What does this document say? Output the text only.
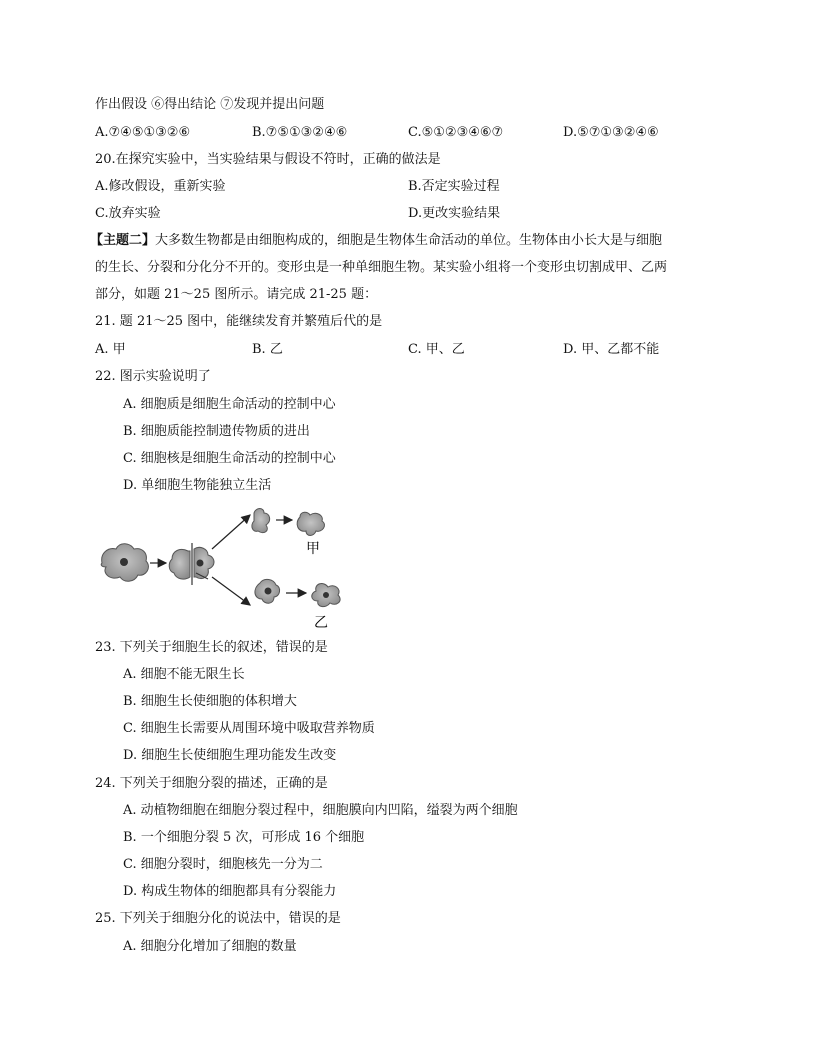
作出假设 ⑥得出结论 ⑦发现并提出问题
A.⑦④⑤①③②⑥	B.⑦⑤①③②④⑥	C.⑤①②③④⑥⑦	D.⑤⑦①③②④⑥
20.在探究实验中，当实验结果与假设不符时，正确的做法是
A.修改假设，重新实验	B.否定实验过程
C.放弃实验	D.更改实验结果
【主题二】大多数生物都是由细胞构成的，细胞是生物体生命活动的单位。生物体由小长大是与细胞
的生长、分裂和分化分不开的。变形虫是一种单细胞生物。某实验小组将一个变形虫切割成甲、乙两
部分，如题 21～25 图所示。请完成 21-25 题：
21. 题 21～25 图中，能继续发育并繁殖后代的是
A. 甲	B. 乙	C. 甲、乙	D. 甲、乙都不能
22. 图示实验说明了
A. 细胞质是细胞生命活动的控制中心
B. 细胞质能控制遗传物质的进出
C. 细胞核是细胞生命活动的控制中心
D. 单细胞生物能独立生活
甲
乙
23. 下列关于细胞生长的叙述，错误的是
A. 细胞不能无限生长
B. 细胞生长使细胞的体积增大
C. 细胞生长需要从周围环境中吸取营养物质
D. 细胞生长使细胞生理功能发生改变
24. 下列关于细胞分裂的描述，正确的是
A. 动植物细胞在细胞分裂过程中，细胞膜向内凹陷，缢裂为两个细胞
B. 一个细胞分裂 5 次，可形成 16 个细胞
C. 细胞分裂时，细胞核先一分为二
D. 构成生物体的细胞都具有分裂能力
25. 下列关于细胞分化的说法中，错误的是
A. 细胞分化增加了细胞的数量
